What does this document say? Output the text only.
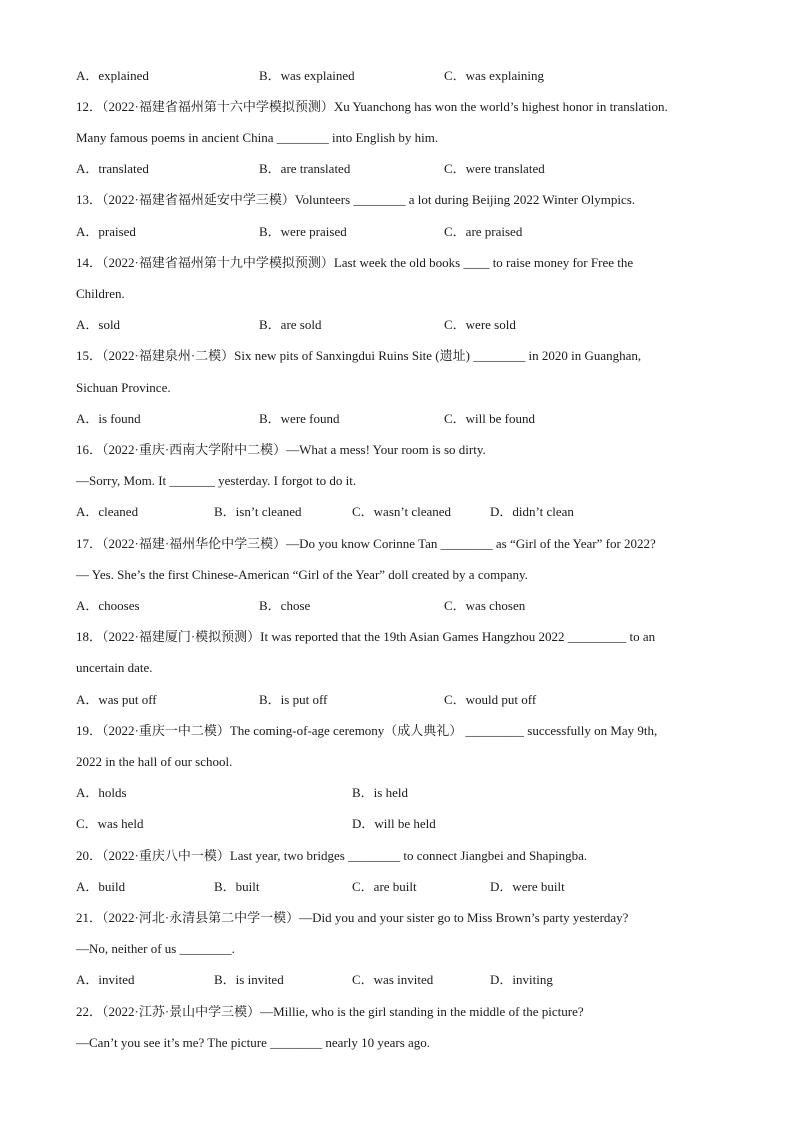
A．explained	B．was explained	C．was explaining
12．（2022·福建省福州第十六中学模拟预测）Xu Yuanchong has won the world’s highest honor in translation.
Many famous poems in ancient China ________ into English by him.
A．translated	B．are translated	C．were translated
13．（2022·福建省福州延安中学三模）Volunteers ________ a lot during Beijing 2022 Winter Olympics.
A．praised	B．were praised	C．are praised
14．（2022·福建省福州第十九中学模拟预测）Last week the old books ____ to raise money for Free the
Children.
A．sold	B．are sold	C．were sold
15．（2022·福建泉州·二模）Six new pits of Sanxingdui Ruins Site (遗址) ________ in 2020 in Guanghan,
Sichuan Province.
A．is found	B．were found	C．will be found
16．（2022·重庆·西南大学附中二模）—What a mess! Your room is so dirty.
—Sorry, Mom. It _______ yesterday. I forgot to do it.
A．cleaned	B．isn’t cleaned	C．wasn’t cleaned	D．didn’t clean
17．（2022·福建·福州华伦中学三模）—Do you know Corinne Tan ________ as “Girl of the Year” for 2022?
— Yes. She’s the first Chinese-American “Girl of the Year” doll created by a company.
A．chooses	B．chose	C．was chosen
18．（2022·福建厦门·模拟预测）It was reported that the 19th Asian Games Hangzhou 2022 _________ to an
uncertain date.
A．was put off	B．is put off	C．would put off
19．（2022·重庆一中二模）The coming-of-age ceremony（成人典礼） _________ successfully on May 9th,
2022 in the hall of our school.
A．holds	B．is held
C．was held	D．will be held
20．（2022·重庆八中一模）Last year, two bridges ________ to connect Jiangbei and Shapingba.
A．build	B．built	C．are built	D．were built
21．（2022·河北·永清县第二中学一模）—Did you and your sister go to Miss Brown’s party yesterday?
—No, neither of us ________.
A．invited	B．is invited	C．was invited	D．inviting
22．（2022·江苏·景山中学三模）—Millie, who is the girl standing in the middle of the picture?
—Can’t you see it’s me? The picture ________ nearly 10 years ago.
